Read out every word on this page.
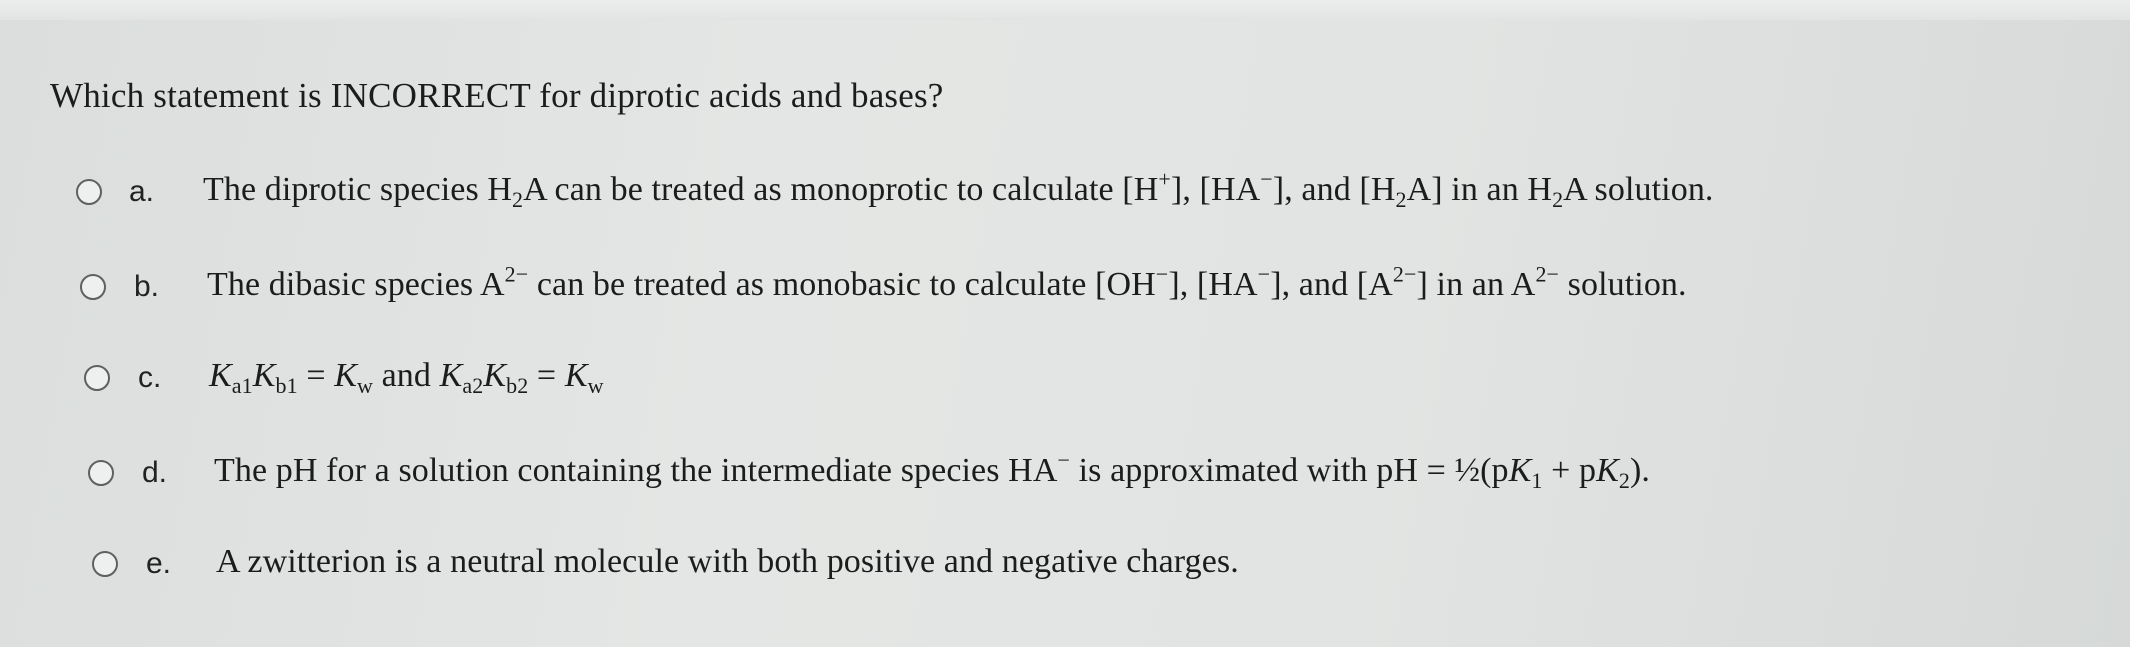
Which statement is INCORRECT for diprotic acids and bases?
a. The diprotic species $H_2A$ can be treated as monoprotic to calculate [H+], [HA−], and $[H_2A]$ in an $H_2A$ solution.
b. The dibasic species $A^{2-}$ can be treated as monobasic to calculate [OH−], [HA−], and $[A^{2-}]$ in an $A^{2-}$ solution.
c. $K_{a1}K_{b1} = K_w$ and $K_{a2}K_{b2} = K_w$
d. The pH for a solution containing the intermediate species HA− is approximated with pH = $\frac{1}{2}(pK_1 + pK_2)$.
e. A zwitterion is a neutral molecule with both positive and negative charges.
